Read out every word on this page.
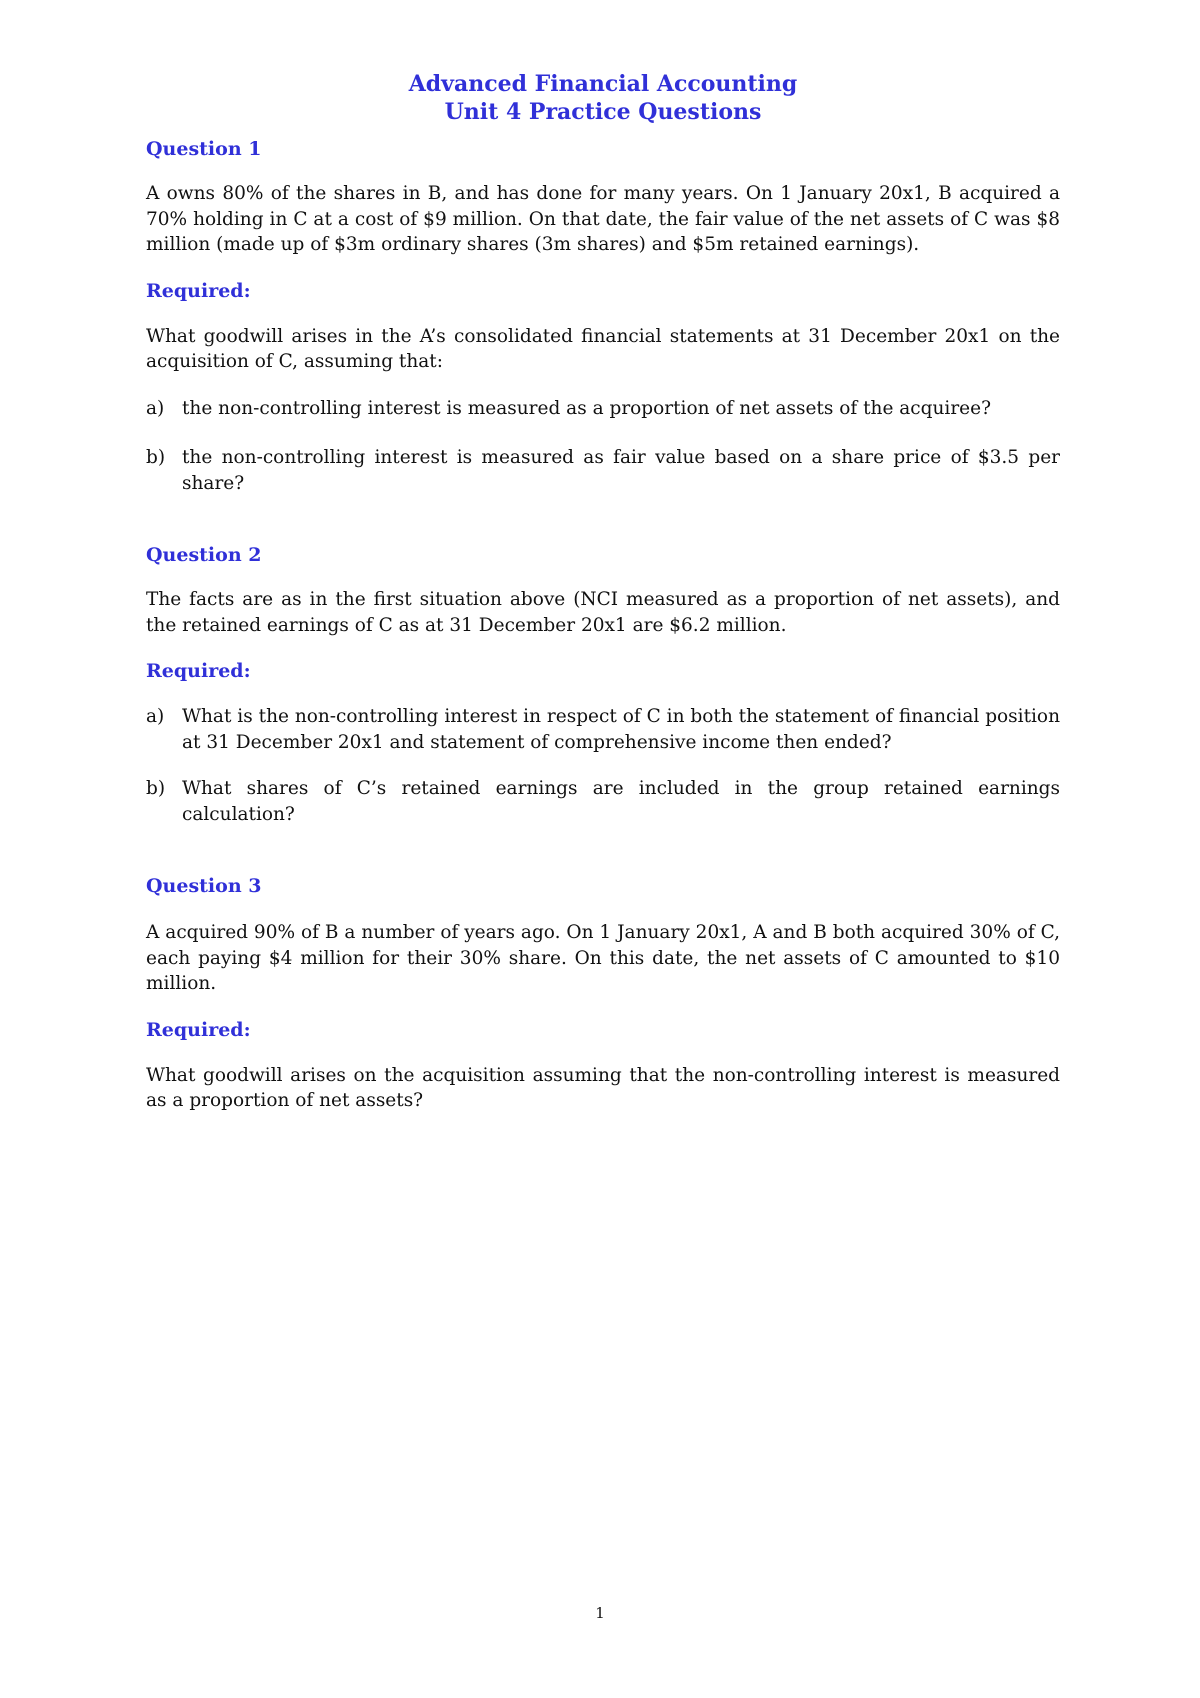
Advanced Financial Accounting

Unit 4 Practice Questions

Question 1

A owns 80% of the shares in B, and has done for many years. On 1 January 20x1, B acquired a 70% holding in C at a cost of $9 million. On that date, the fair value of the net assets of C was $8 million (made up of $3m ordinary shares (3m shares) and $5m retained earnings).

Required:

What goodwill arises in the A’s consolidated financial statements at 31 December 20x1 on the acquisition of C, assuming that:

a) the non-controlling interest is measured as a proportion of net assets of the acquiree?
b) the non-controlling interest is measured as fair value based on a share price of $3.5 per share?

Question 2

The facts are as in the first situation above (NCI measured as a proportion of net assets), and the retained earnings of C as at 31 December 20x1 are $6.2 million.

Required:

a) What is the non-controlling interest in respect of C in both the statement of financial position at 31 December 20x1 and statement of comprehensive income then ended?
b) What shares of C’s retained earnings are included in the group retained earnings calculation?

Question 3

A acquired 90% of B a number of years ago. On 1 January 20x1, A and B both acquired 30% of C, each paying $4 million for their 30% share. On this date, the net assets of C amounted to $10 million.

Required:

What goodwill arises on the acquisition assuming that the non-controlling interest is measured as a proportion of net assets?

1
